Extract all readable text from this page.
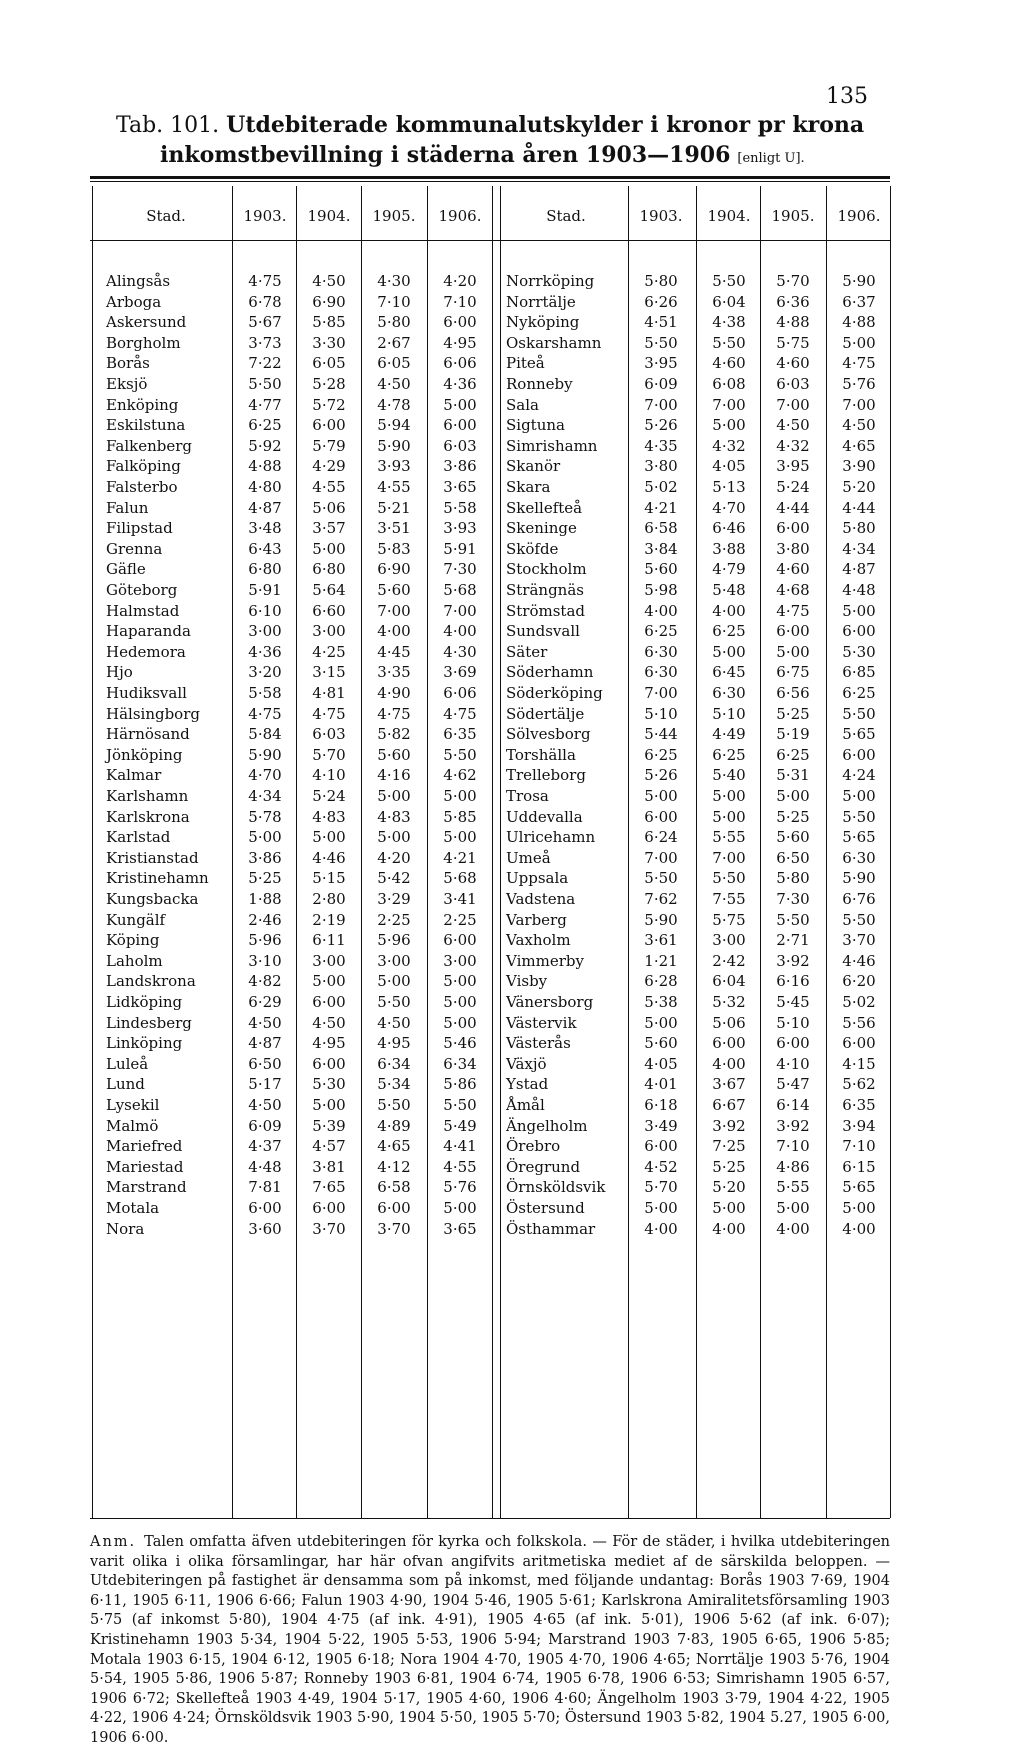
135
Tab. 101. Utdebiterade kommunalutskylder i kronor pr krona
inkomstbevillning i städerna åren 1903—1906 [enligt U].
Stad.	1903.	1904.	1905.	1906.	Stad.	1903.	1904.	1905.	1906.
Alingsås	4·75	4·50	4·30	4·20
Arboga	6·78	6·90	7·10	7·10
Askersund	5·67	5·85	5·80	6·00
Borgholm	3·73	3·30	2·67	4·95
Borås	7·22	6·05	6·05	6·06
Eksjö	5·50	5·28	4·50	4·36
Enköping	4·77	5·72	4·78	5·00
Eskilstuna	6·25	6·00	5·94	6·00
Falkenberg	5·92	5·79	5·90	6·03
Falköping	4·88	4·29	3·93	3·86
Falsterbo	4·80	4·55	4·55	3·65
Falun	4·87	5·06	5·21	5·58
Filipstad	3·48	3·57	3·51	3·93
Grenna	6·43	5·00	5·83	5·91
Gäfle	6·80	6·80	6·90	7·30
Göteborg	5·91	5·64	5·60	5·68
Halmstad	6·10	6·60	7·00	7·00
Haparanda	3·00	3·00	4·00	4·00
Hedemora	4·36	4·25	4·45	4·30
Hjo	3·20	3·15	3·35	3·69
Hudiksvall	5·58	4·81	4·90	6·06
Hälsingborg	4·75	4·75	4·75	4·75
Härnösand	5·84	6·03	5·82	6·35
Jönköping	5·90	5·70	5·60	5·50
Kalmar	4·70	4·10	4·16	4·62
Karlshamn	4·34	5·24	5·00	5·00
Karlskrona	5·78	4·83	4·83	5·85
Karlstad	5·00	5·00	5·00	5·00
Kristianstad	3·86	4·46	4·20	4·21
Kristinehamn	5·25	5·15	5·42	5·68
Kungsbacka	1·88	2·80	3·29	3·41
Kungälf	2·46	2·19	2·25	2·25
Köping	5·96	6·11	5·96	6·00
Laholm	3·10	3·00	3·00	3·00
Landskrona	4·82	5·00	5·00	5·00
Lidköping	6·29	6·00	5·50	5·00
Lindesberg	4·50	4·50	4·50	5·00
Linköping	4·87	4·95	4·95	5·46
Luleå	6·50	6·00	6·34	6·34
Lund	5·17	5·30	5·34	5·86
Lysekil	4·50	5·00	5·50	5·50
Malmö	6·09	5·39	4·89	5·49
Mariefred	4·37	4·57	4·65	4·41
Mariestad	4·48	3·81	4·12	4·55
Marstrand	7·81	7·65	6·58	5·76
Motala	6·00	6·00	6·00	5·00
Nora	3·60	3·70	3·70	3·65
Norrköping	5·80	5·50	5·70	5·90
Norrtälje	6·26	6·04	6·36	6·37
Nyköping	4·51	4·38	4·88	4·88
Oskarshamn	5·50	5·50	5·75	5·00
Piteå	3·95	4·60	4·60	4·75
Ronneby	6·09	6·08	6·03	5·76
Sala	7·00	7·00	7·00	7·00
Sigtuna	5·26	5·00	4·50	4·50
Simrishamn	4·35	4·32	4·32	4·65
Skanör	3·80	4·05	3·95	3·90
Skara	5·02	5·13	5·24	5·20
Skellefteå	4·21	4·70	4·44	4·44
Skeninge	6·58	6·46	6·00	5·80
Sköfde	3·84	3·88	3·80	4·34
Stockholm	5·60	4·79	4·60	4·87
Strängnäs	5·98	5·48	4·68	4·48
Strömstad	4·00	4·00	4·75	5·00
Sundsvall	6·25	6·25	6·00	6·00
Säter	6·30	5·00	5·00	5·30
Söderhamn	6·30	6·45	6·75	6·85
Söderköping	7·00	6·30	6·56	6·25
Södertälje	5·10	5·10	5·25	5·50
Sölvesborg	5·44	4·49	5·19	5·65
Torshälla	6·25	6·25	6·25	6·00
Trelleborg	5·26	5·40	5·31	4·24
Trosa	5·00	5·00	5·00	5·00
Uddevalla	6·00	5·00	5·25	5·50
Ulricehamn	6·24	5·55	5·60	5·65
Umeå	7·00	7·00	6·50	6·30
Uppsala	5·50	5·50	5·80	5·90
Vadstena	7·62	7·55	7·30	6·76
Varberg	5·90	5·75	5·50	5·50
Vaxholm	3·61	3·00	2·71	3·70
Vimmerby	1·21	2·42	3·92	4·46
Visby	6·28	6·04	6·16	6·20
Vänersborg	5·38	5·32	5·45	5·02
Västervik	5·00	5·06	5·10	5·56
Västerås	5·60	6·00	6·00	6·00
Växjö	4·05	4·00	4·10	4·15
Ystad	4·01	3·67	5·47	5·62
Åmål	6·18	6·67	6·14	6·35
Ängelholm	3·49	3·92	3·92	3·94
Örebro	6·00	7·25	7·10	7·10
Öregrund	4·52	5·25	4·86	6·15
Örnsköldsvik	5·70	5·20	5·55	5·65
Östersund	5·00	5·00	5·00	5·00
Östhammar	4·00	4·00	4·00	4·00
Anm. Talen omfatta äfven utdebiteringen för kyrka och folkskola. — För de städer, i hvilka utdebiteringen varit olika i olika församlingar, har här ofvan angifvits aritmetiska mediet af de särskilda beloppen. — Utdebiteringen på fastighet är densamma som på inkomst, med följande undantag: Borås 1903 7·69, 1904 6·11, 1905 6·11, 1906 6·66; Falun 1903 4·90, 1904 5·46, 1905 5·61; Karlskrona Amiralitetsförsamling 1903 5·75 (af inkomst 5·80), 1904 4·75 (af ink. 4·91), 1905 4·65 (af ink. 5·01), 1906 5·62 (af ink. 6·07); Kristinehamn 1903 5·34, 1904 5·22, 1905 5·53, 1906 5·94; Marstrand 1903 7·83, 1905 6·65, 1906 5·85; Motala 1903 6·15, 1904 6·12, 1905 6·18; Nora 1904 4·70, 1905 4·70, 1906 4·65; Norrtälje 1903 5·76, 1904 5·54, 1905 5·86, 1906 5·87; Ronneby 1903 6·81, 1904 6·74, 1905 6·78, 1906 6·53; Simrishamn 1905 6·57, 1906 6·72; Skellefteå 1903 4·49, 1904 5·17, 1905 4·60, 1906 4·60; Ängelholm 1903 3·79, 1904 4·22, 1905 4·22, 1906 4·24; Örnsköldsvik 1903 5·90, 1904 5·50, 1905 5·70; Östersund 1903 5·82, 1904 5.27, 1905 6·00, 1906 6·00.
